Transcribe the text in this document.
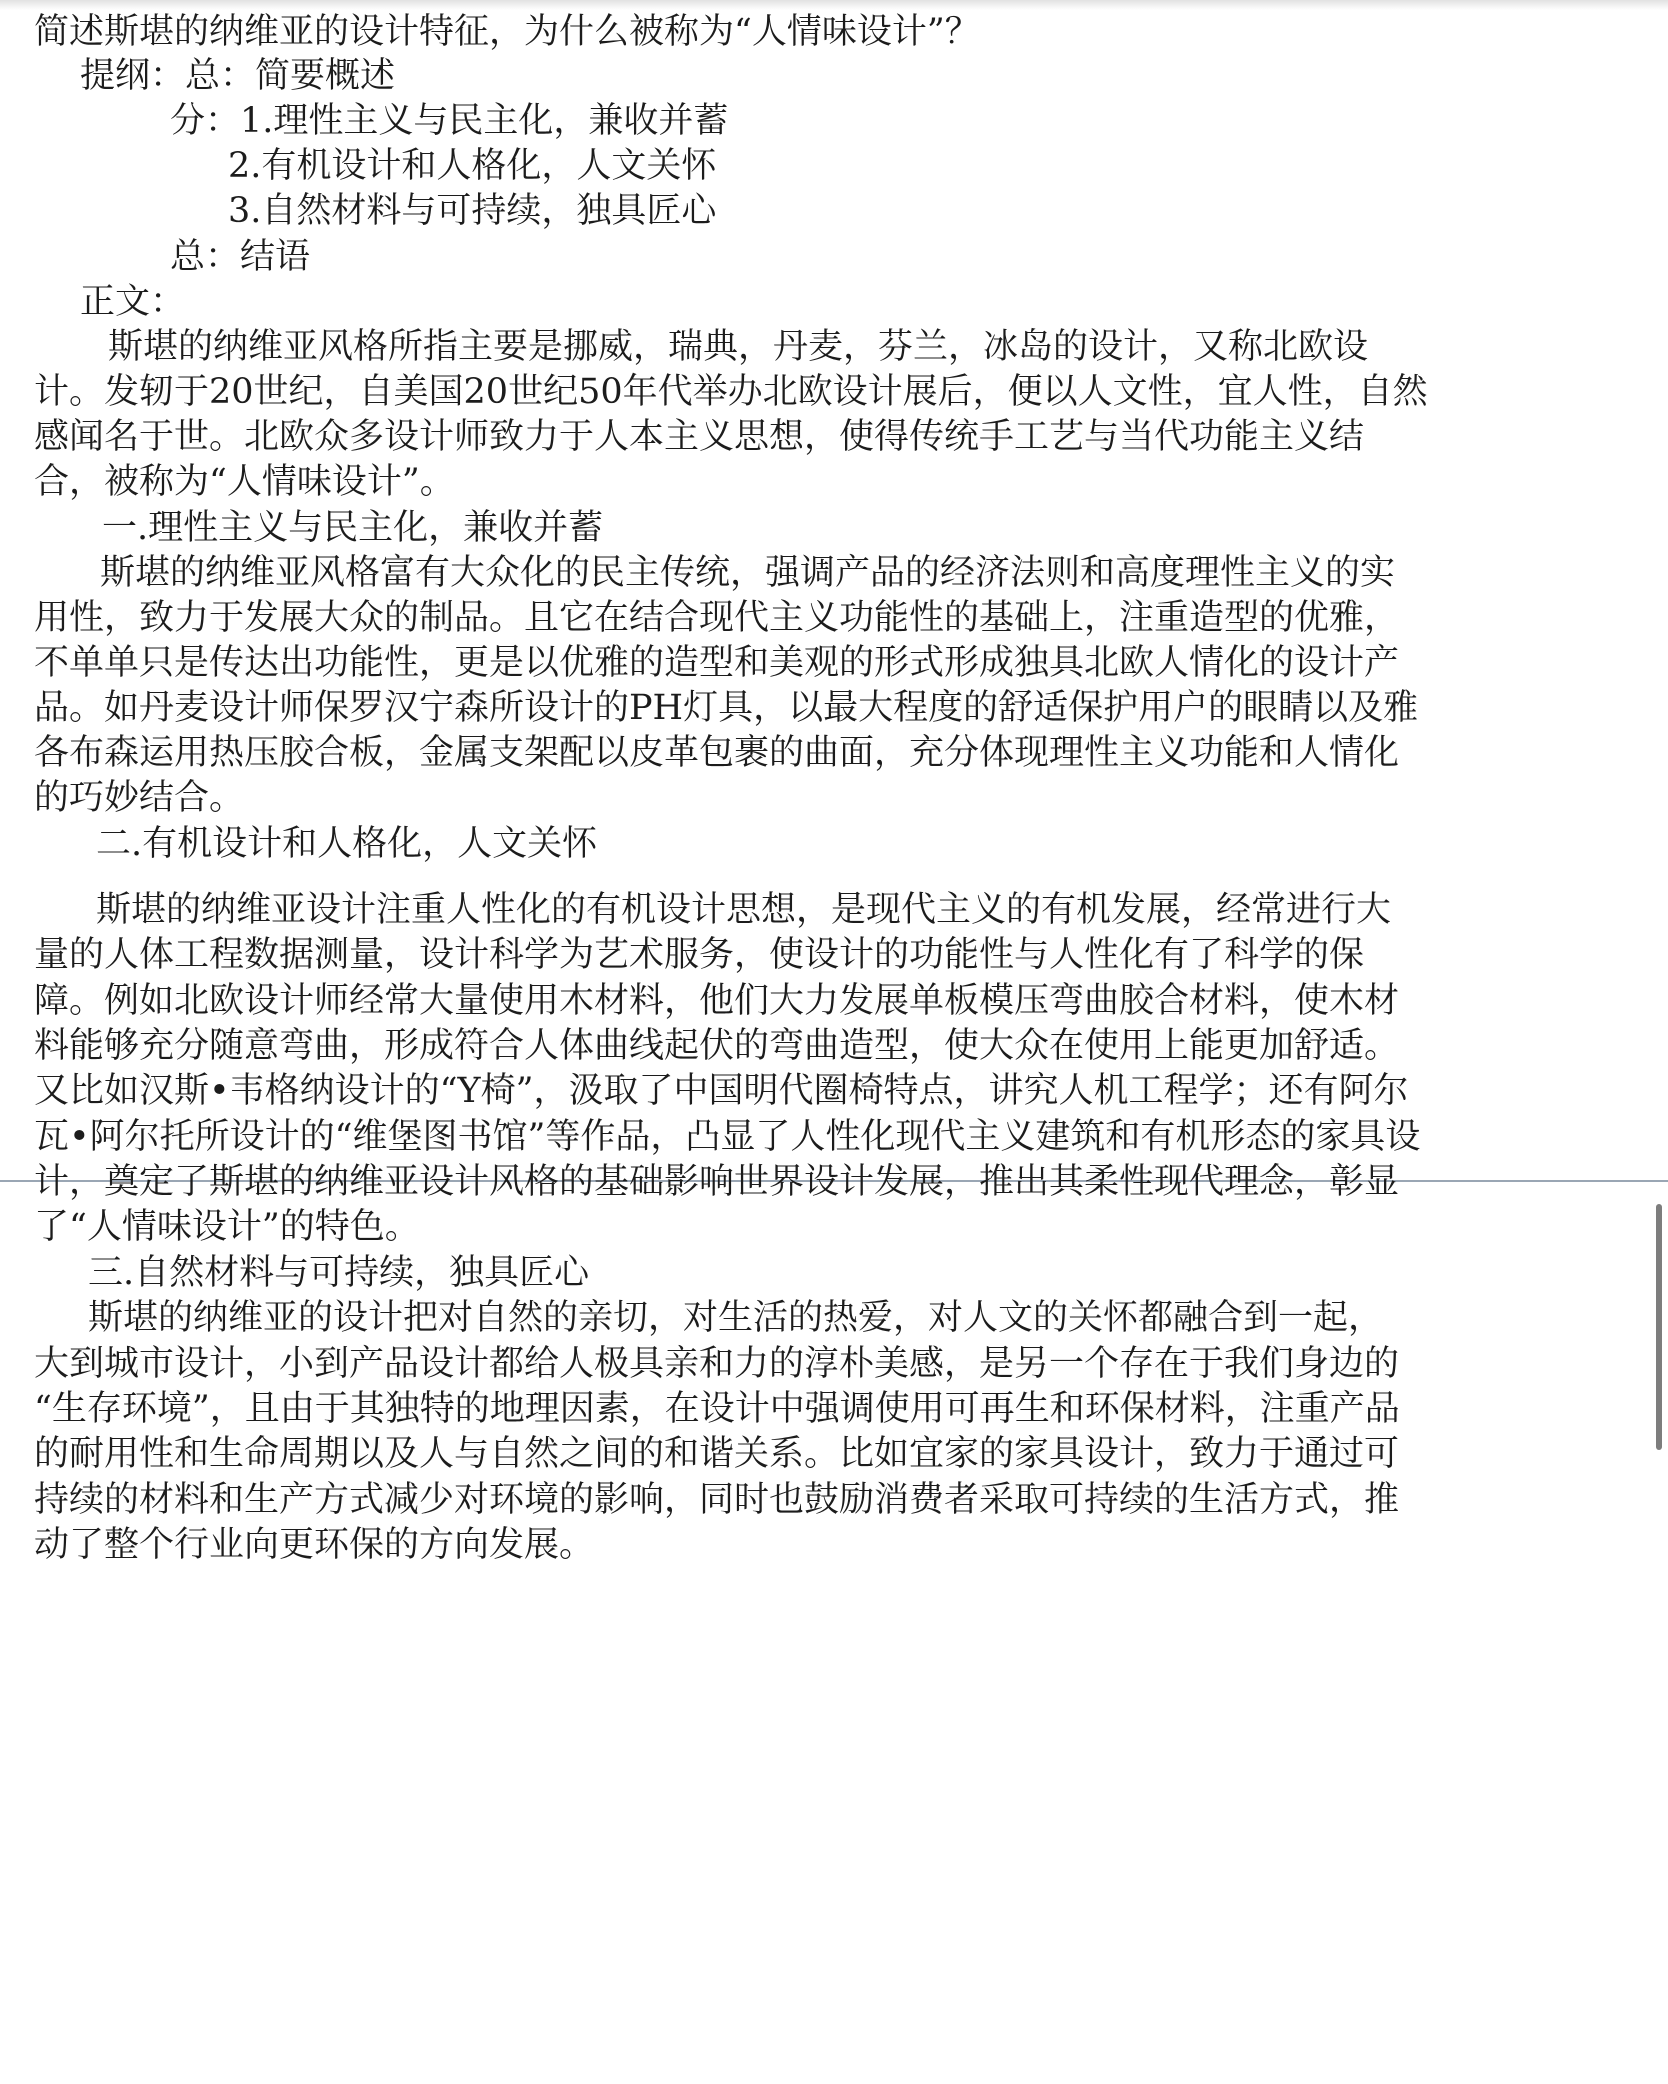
简述斯堪的纳维亚的设计特征，为什么被称为“人情味设计”？
提纲：总：简要概述
分：1.理性主义与民主化，兼收并蓄
2.有机设计和人格化，人文关怀
3.自然材料与可持续，独具匠心
总：结语
正文：
斯堪的纳维亚风格所指主要是挪威，瑞典，丹麦，芬兰，冰岛的设计，又称北欧设
计。发轫于20世纪，自美国20世纪50年代举办北欧设计展后，便以人文性，宜人性，自然
感闻名于世。北欧众多设计师致力于人本主义思想，使得传统手工艺与当代功能主义结
合，被称为“人情味设计”。
一.理性主义与民主化，兼收并蓄
斯堪的纳维亚风格富有大众化的民主传统，强调产品的经济法则和高度理性主义的实
用性，致力于发展大众的制品。且它在结合现代主义功能性的基础上，注重造型的优雅，
不单单只是传达出功能性，更是以优雅的造型和美观的形式形成独具北欧人情化的设计产
品。如丹麦设计师保罗汉宁森所设计的PH灯具，以最大程度的舒适保护用户的眼睛以及雅
各布森运用热压胶合板，金属支架配以皮革包裹的曲面，充分体现理性主义功能和人情化
的巧妙结合。
二.有机设计和人格化，人文关怀
斯堪的纳维亚设计注重人性化的有机设计思想，是现代主义的有机发展，经常进行大
量的人体工程数据测量，设计科学为艺术服务，使设计的功能性与人性化有了科学的保
障。例如北欧设计师经常大量使用木材料，他们大力发展单板模压弯曲胶合材料，使木材
料能够充分随意弯曲，形成符合人体曲线起伏的弯曲造型，使大众在使用上能更加舒适。
又比如汉斯•韦格纳设计的“Y椅”，汲取了中国明代圈椅特点，讲究人机工程学；还有阿尔
瓦•阿尔托所设计的“维堡图书馆”等作品，凸显了人性化现代主义建筑和有机形态的家具设
计，奠定了斯堪的纳维亚设计风格的基础影响世界设计发展，推出其柔性现代理念，彰显
了“人情味设计”的特色。
三.自然材料与可持续，独具匠心
斯堪的纳维亚的设计把对自然的亲切，对生活的热爱，对人文的关怀都融合到一起，
大到城市设计，小到产品设计都给人极具亲和力的淳朴美感，是另一个存在于我们身边的
“生存环境”，且由于其独特的地理因素，在设计中强调使用可再生和环保材料，注重产品
的耐用性和生命周期以及人与自然之间的和谐关系。比如宜家的家具设计，致力于通过可
持续的材料和生产方式减少对环境的影响，同时也鼓励消费者采取可持续的生活方式，推
动了整个行业向更环保的方向发展。
